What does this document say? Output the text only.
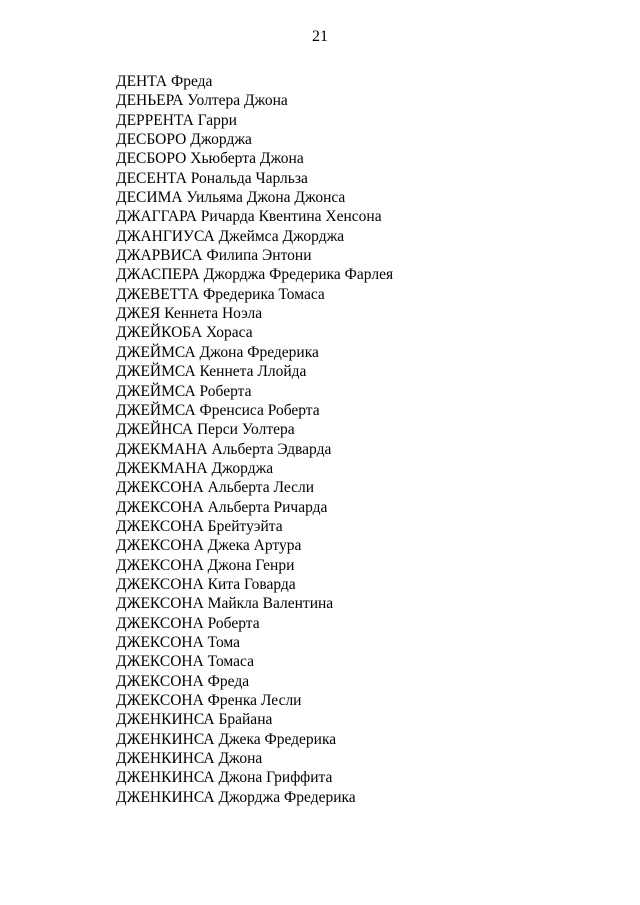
21
ДЕНТА Фреда
ДЕНЬЕРА Уолтера Джона
ДЕРРЕНТА Гарри
ДЕСБОРО Джорджа
ДЕСБОРО Хьюберта Джона
ДЕСЕНТА Рональда Чарльза
ДЕСИМА Уильяма Джона Джонса
ДЖАГГАРА Ричарда Квентина Хенсона
ДЖАНГИУСА Джеймса Джорджа
ДЖАРВИСА Филипа Энтони
ДЖАСПЕРА Джорджа Фредерика Фарлея
ДЖЕВЕТТА Фредерика Томаса
ДЖЕЯ Кеннета Ноэла
ДЖЕЙКОБА Хораса
ДЖЕЙМСА Джона Фредерика
ДЖЕЙМСА Кеннета Ллойда
ДЖЕЙМСА Роберта
ДЖЕЙМСА Френсиса Роберта
ДЖЕЙНСА Перси Уолтера
ДЖЕКМАНА Альберта Эдварда
ДЖЕКМАНА Джорджа
ДЖЕКСОНА Альберта Лесли
ДЖЕКСОНА Альберта Ричарда
ДЖЕКСОНА Брейтуэйта
ДЖЕКСОНА Джека Артура
ДЖЕКСОНА Джона Генри
ДЖЕКСОНА Кита Говарда
ДЖЕКСОНА Майкла Валентина
ДЖЕКСОНА Роберта
ДЖЕКСОНА Тома
ДЖЕКСОНА Томаса
ДЖЕКСОНА Фреда
ДЖЕКСОНА Френка Лесли
ДЖЕНКИНСА Брайана
ДЖЕНКИНСА Джека Фредерика
ДЖЕНКИНСА Джона
ДЖЕНКИНСА Джона Гриффита
ДЖЕНКИНСА Джорджа Фредерика
